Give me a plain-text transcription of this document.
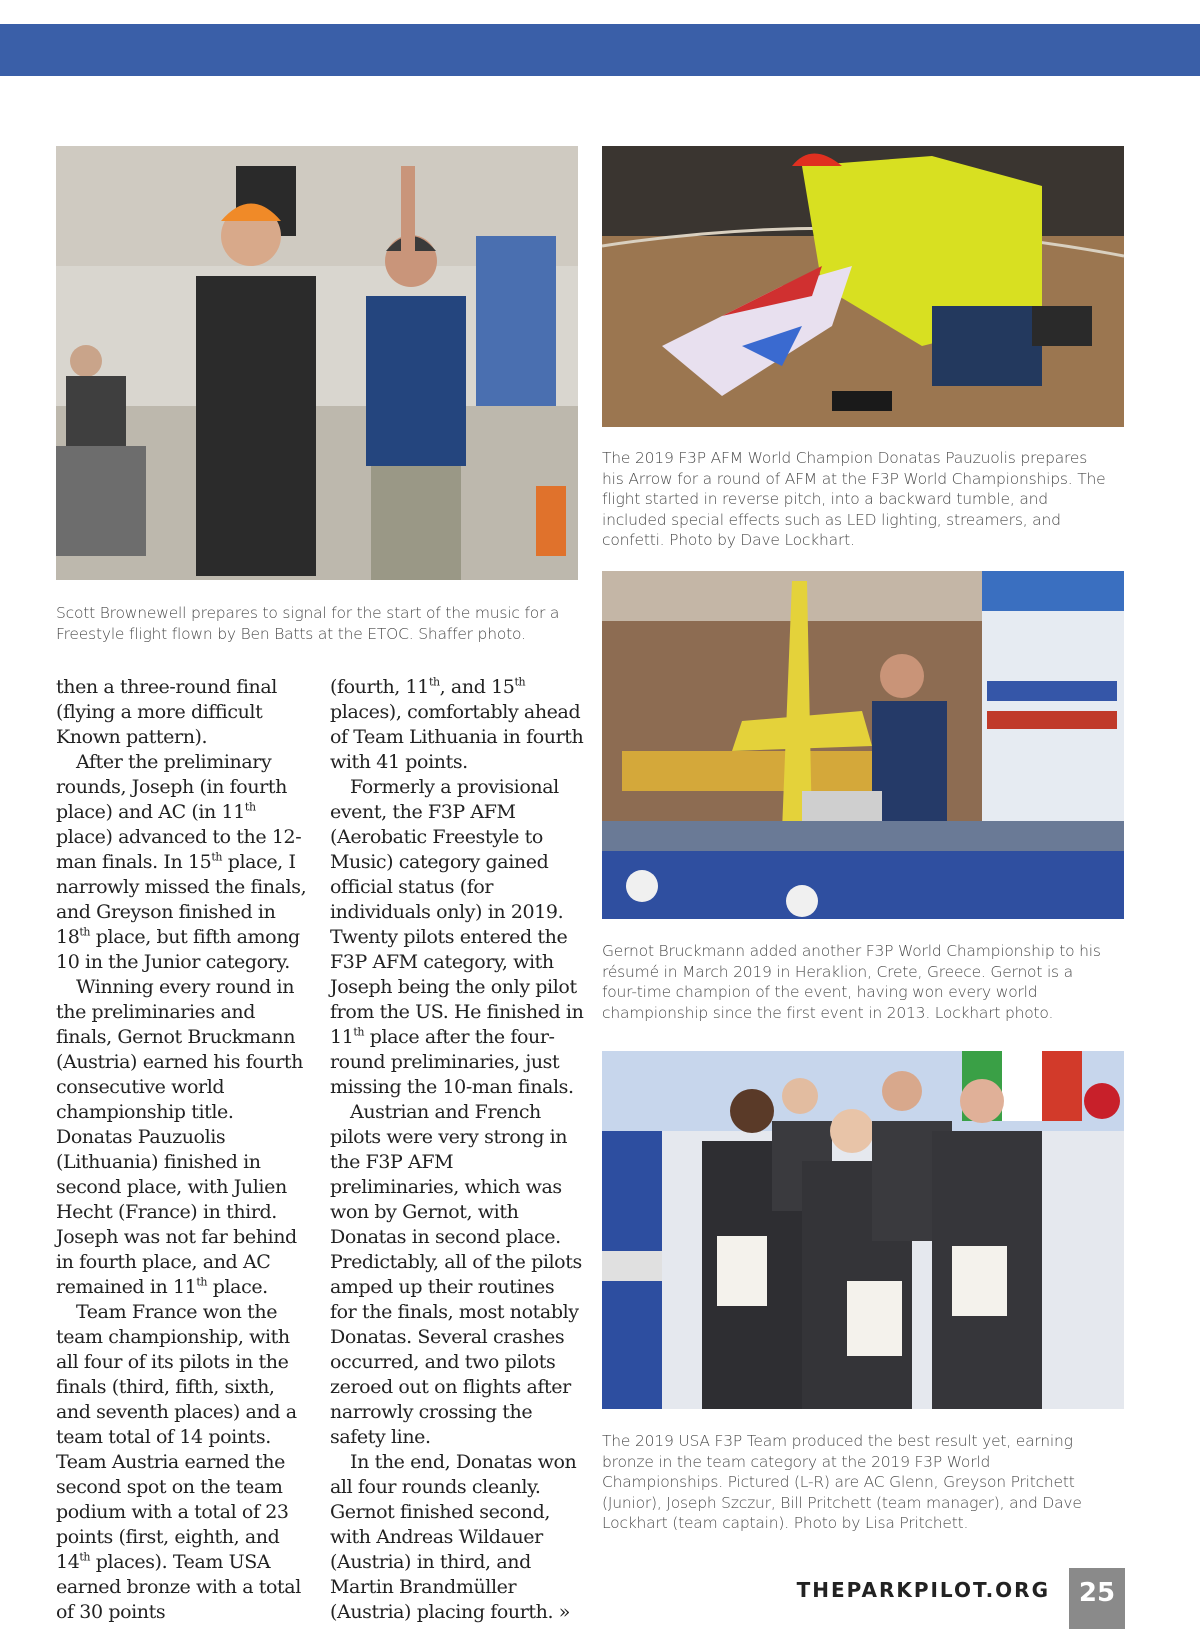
Scott Brownewell prepares to signal for the start of the music for a Freestyle flight flown by Ben Batts at the ETOC. Shaffer photo.
The 2019 F3P AFM World Champion Donatas Pauzuolis prepares his Arrow for a round of AFM at the F3P World Championships. The flight started in reverse pitch, into a backward tumble, and included special effects such as LED lighting, streamers, and confetti. Photo by Dave Lockhart.
Gernot Bruckmann added another F3P World Championship to his résumé in March 2019 in Heraklion, Crete, Greece. Gernot is a four-time champion of the event, having won every world championship since the first event in 2013. Lockhart photo.
The 2019 USA F3P Team produced the best result yet, earning bronze in the team category at the 2019 F3P World Championships. Pictured (L-R) are AC Glenn, Greyson Pritchett (Junior), Joseph Szczur, Bill Pritchett (team manager), and Dave Lockhart (team captain). Photo by Lisa Pritchett.

then a three-round final (flying a more difficult Known pattern).

After the preliminary rounds, Joseph (in fourth place) and AC (in 11th place) advanced to the 12-man finals. In 15th place, I narrowly missed the finals, and Greyson finished in 18th place, but fifth among 10 in the Junior category.

Winning every round in the preliminaries and finals, Gernot Bruckmann (Austria) earned his fourth consecutive world championship title. Donatas Pauzuolis (Lithuania) finished in second place, with Julien Hecht (France) in third. Joseph was not far behind in fourth place, and AC remained in 11th place.

Team France won the team championship, with all four of its pilots in the finals (third, fifth, sixth, and seventh places) and a team total of 14 points. Team Austria earned the second spot on the team podium with a total of 23 points (first, eighth, and 14th places). Team USA earned bronze with a total of 30 points

(fourth, 11th, and 15th places), comfortably ahead of Team Lithuania in fourth with 41 points.

Formerly a provisional event, the F3P AFM (Aerobatic Freestyle to Music) category gained official status (for individuals only) in 2019. Twenty pilots entered the F3P AFM category, with Joseph being the only pilot from the US. He finished in 11th place after the four-round preliminaries, just missing the 10-man finals.

Austrian and French pilots were very strong in the F3P AFM preliminaries, which was won by Gernot, with Donatas in second place. Predictably, all of the pilots amped up their routines for the finals, most notably Donatas. Several crashes occurred, and two pilots zeroed out on flights after narrowly crossing the safety line.

In the end, Donatas won all four rounds cleanly. Gernot finished second, with Andreas Wildauer (Austria) in third, and Martin Brandmüller (Austria) placing fourth. »

THEPARKPILOT.ORG	25
